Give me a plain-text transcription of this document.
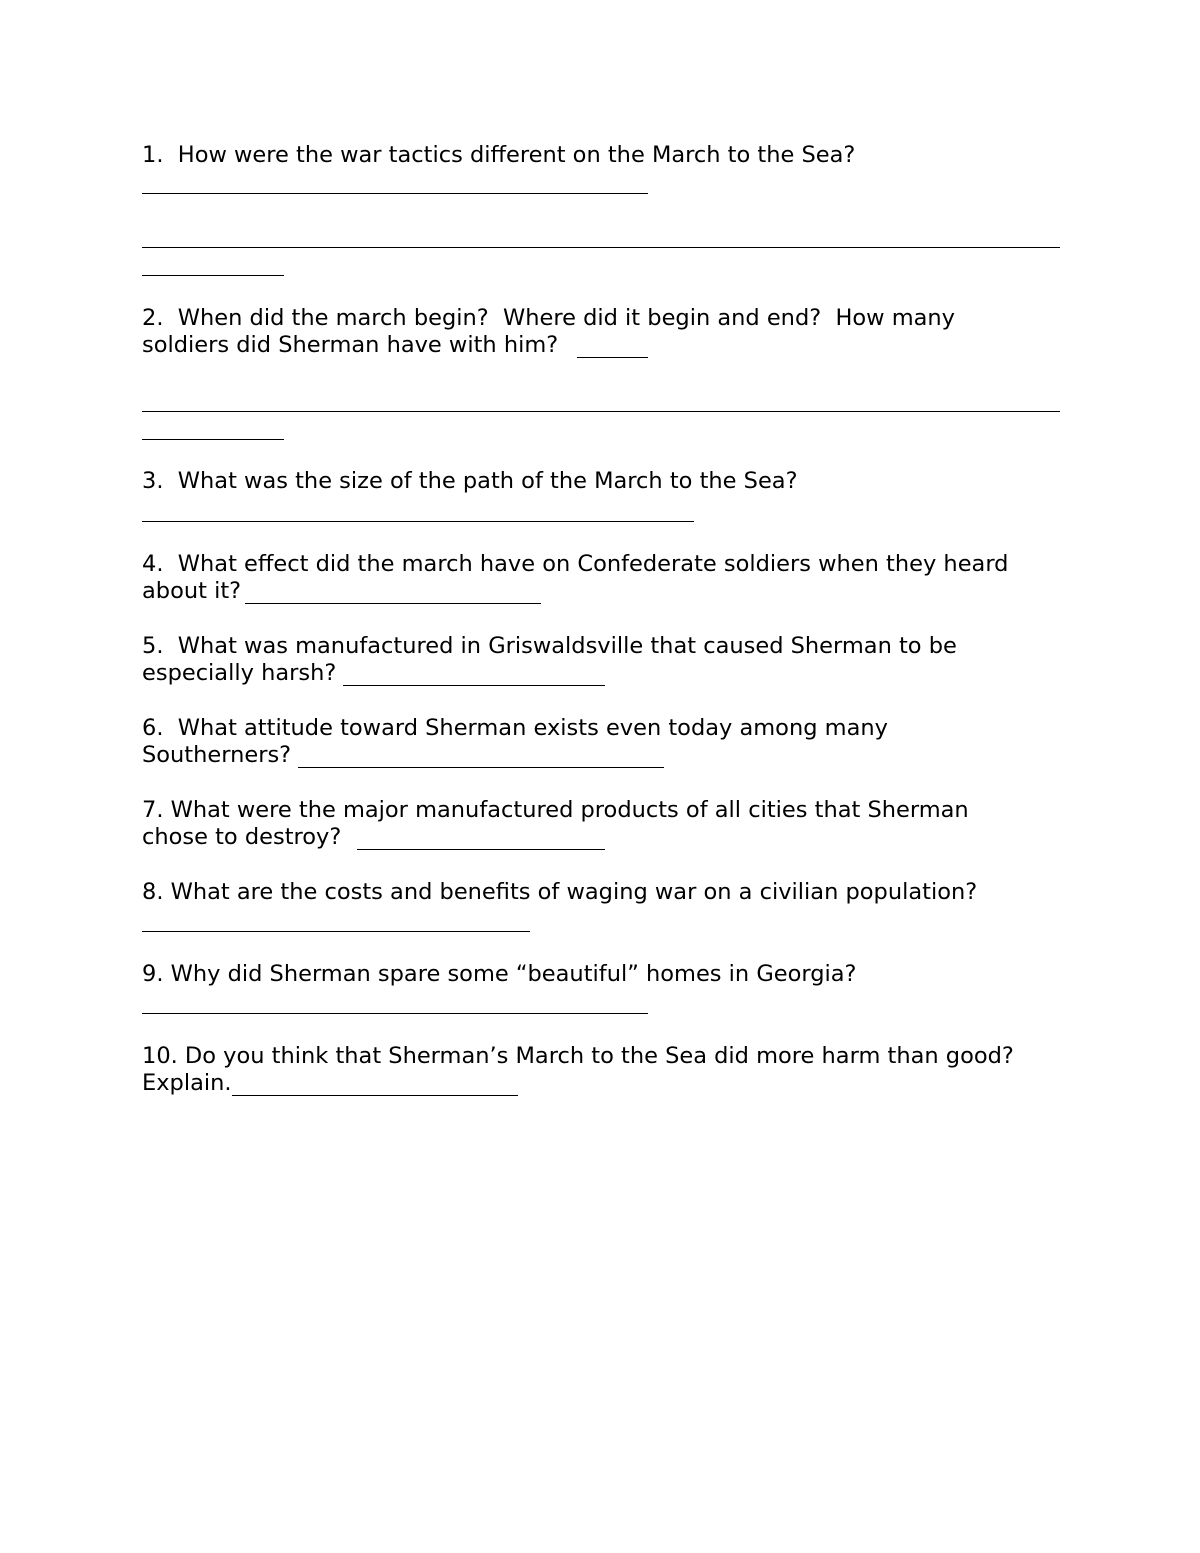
1.  How were the war tactics different on the March to the Sea?
2.  When did the march begin?  Where did it begin and end?  How many
soldiers did Sherman have with him?
3.  What was the size of the path of the March to the Sea?
4.  What effect did the march have on Confederate soldiers when they heard
about it?
5.  What was manufactured in Griswaldsville that caused Sherman to be
especially harsh?
6.  What attitude toward Sherman exists even today among many
Southerners?
7. What were the major manufactured products of all cities that Sherman
chose to destroy?
8. What are the costs and benefits of waging war on a civilian population?
9. Why did Sherman spare some “beautiful” homes in Georgia?
10. Do you think that Sherman’s March to the Sea did more harm than good?
Explain.
